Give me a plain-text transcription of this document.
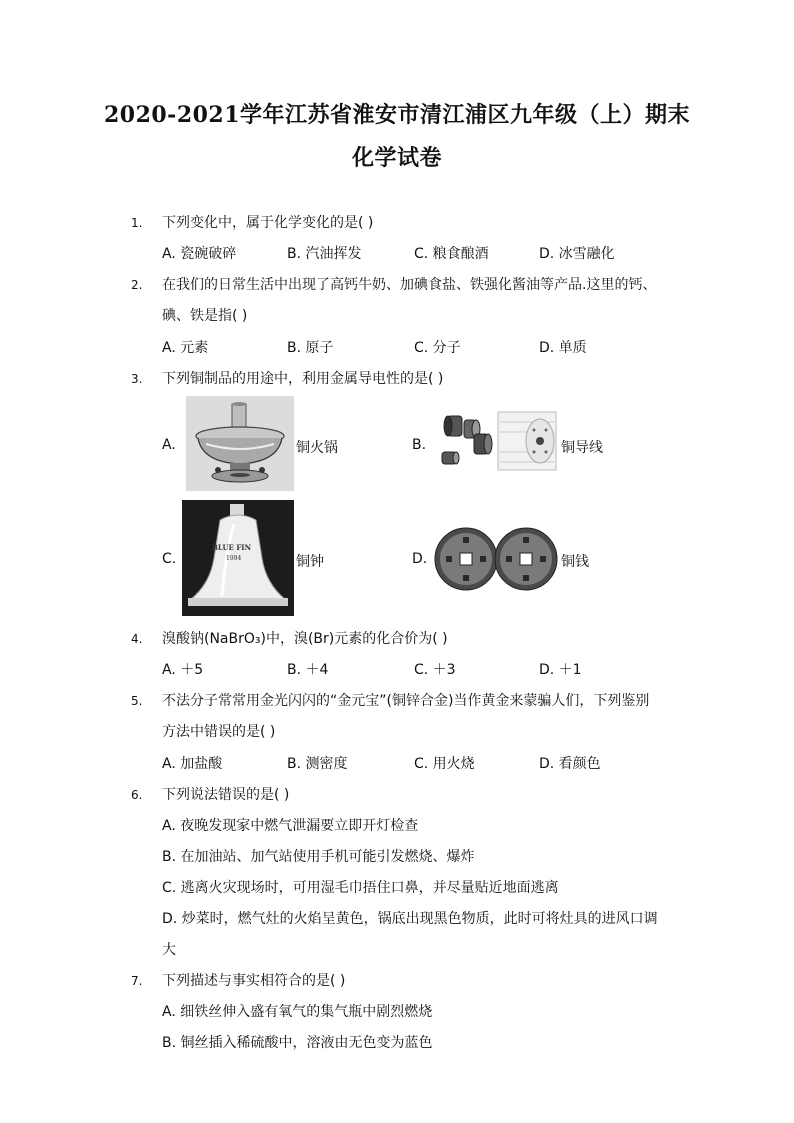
2020-2021学年江苏省淮安市清江浦区九年级（上）期末
化学试卷
1. 下列变化中，属于化学变化的是( )
A. 瓷碗破碎	B. 汽油挥发	C. 粮食酿酒	D. 冰雪融化
2. 在我们的日常生活中出现了高钙牛奶、加碘食盐、铁强化酱油等产品.这里的钙、
碘、铁是指( )
A. 元素	B. 原子	C. 分子	D. 单质
3. 下列铜制品的用途中，利用金属导电性的是( )
A.	铜火锅	B.	铜导线
C.
BLUE FIN
1994	铜钟	D.	铜钱
4. 溴酸钠(NaBrO₃)中，溴(Br)元素的化合价为( )
A. ＋5	B. ＋4	C. ＋3	D. ＋1
5. 不法分子常常用金光闪闪的“金元宝”(铜锌合金)当作黄金来蒙骗人们，下列鉴别
方法中错误的是( )
A. 加盐酸	B. 测密度	C. 用火烧	D. 看颜色
6. 下列说法错误的是( )
A. 夜晚发现家中燃气泄漏要立即开灯检查
B. 在加油站、加气站使用手机可能引发燃烧、爆炸
C. 逃离火灾现场时，可用湿毛巾捂住口鼻，并尽量贴近地面逃离
D. 炒菜时，燃气灶的火焰呈黄色，锅底出现黑色物质，此时可将灶具的进风口调
大
7. 下列描述与事实相符合的是( )
A. 细铁丝伸入盛有氧气的集气瓶中剧烈燃烧
B. 铜丝插入稀硫酸中，溶液由无色变为蓝色
